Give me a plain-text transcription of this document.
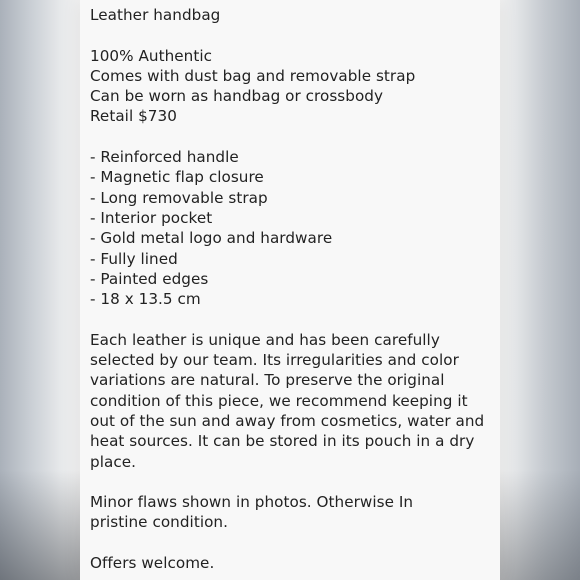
Leather handbag
100% Authentic
Comes with dust bag and removable strap
Can be worn as handbag or crossbody
Retail $730
- Reinforced handle
- Magnetic flap closure
- Long removable strap
- Interior pocket
- Gold metal logo and hardware
- Fully lined
- Painted edges
- 18 x 13.5 cm
Each leather is unique and has been carefully
selected by our team. Its irregularities and color
variations are natural. To preserve the original
condition of this piece, we recommend keeping it
out of the sun and away from cosmetics, water and
heat sources. It can be stored in its pouch in a dry
place.
Minor flaws shown in photos. Otherwise In
pristine condition.
Offers welcome.
